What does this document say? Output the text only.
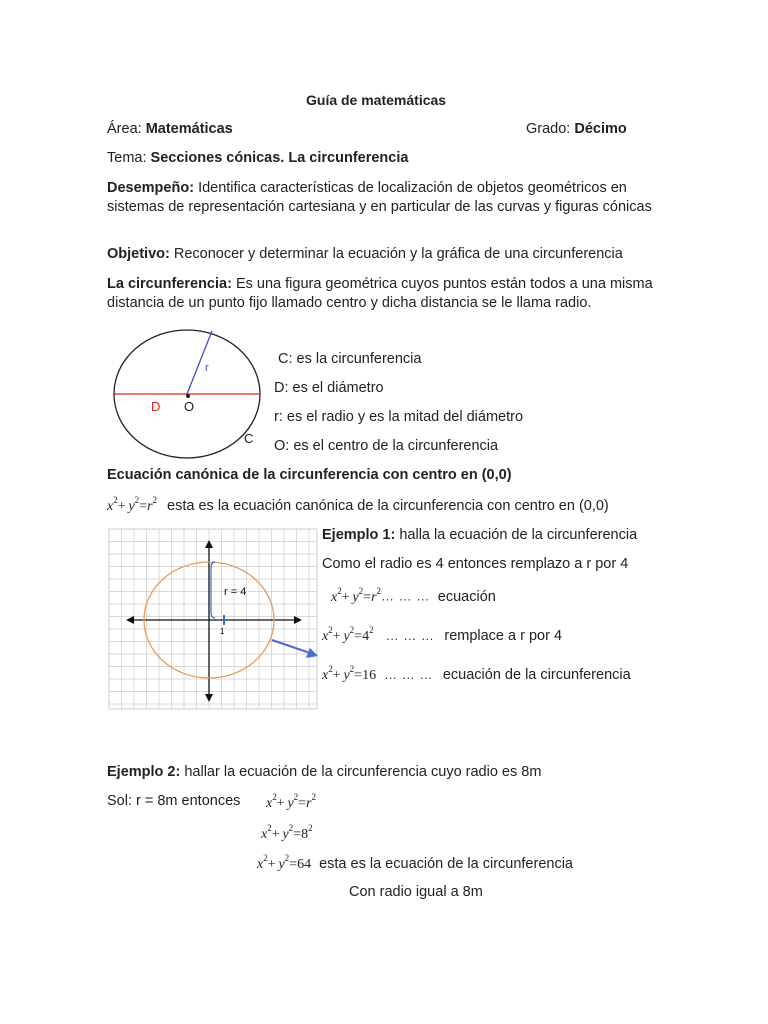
Guía de matemáticas
Área: Matemáticas	Grado: Décimo
Tema: Secciones cónicas. La circunferencia
Desempeño: Identifica características de localización de objetos geométricos en sistemas de representación cartesiana y en particular de las curvas y figuras cónicas
Objetivo: Reconocer y determinar la ecuación y la gráfica de una circunferencia
La circunferencia: Es una figura geométrica cuyos puntos están todos a una misma distancia de un punto fijo llamado centro y dicha distancia se le llama radio.
r
D O
C
C: es la circunferencia
D: es el diámetro
r: es el radio y es la mitad del diámetro
O: es el centro de la circunferencia
Ecuación canónica de la circunferencia con centro en (0,0)
$x^2+ y^2=r^2$ esta es la ecuación canónica de la circunferencia con centro en (0,0)
r = 4
1
Ejemplo 1: halla la ecuación de la circunferencia
Como el radio es 4 entonces remplazo a r por 4
$x^2+$  $y^2=r^2\dots$ … … ecuación
$x^2+ y^2=4^2$ … … … remplace a r por 4
$x^2+ y^2=16$ … … … ecuación de la circunferencia
Ejemplo 2: hallar la ecuación de la circunferencia cuyo radio es 8m
Sol: r = 8m entonces $x^2+ y^2=r^2$
$x^2+ y^2=8^2$
$x^2+ y^2=64$ esta es la ecuación de la circunferencia
Con radio igual a 8m
